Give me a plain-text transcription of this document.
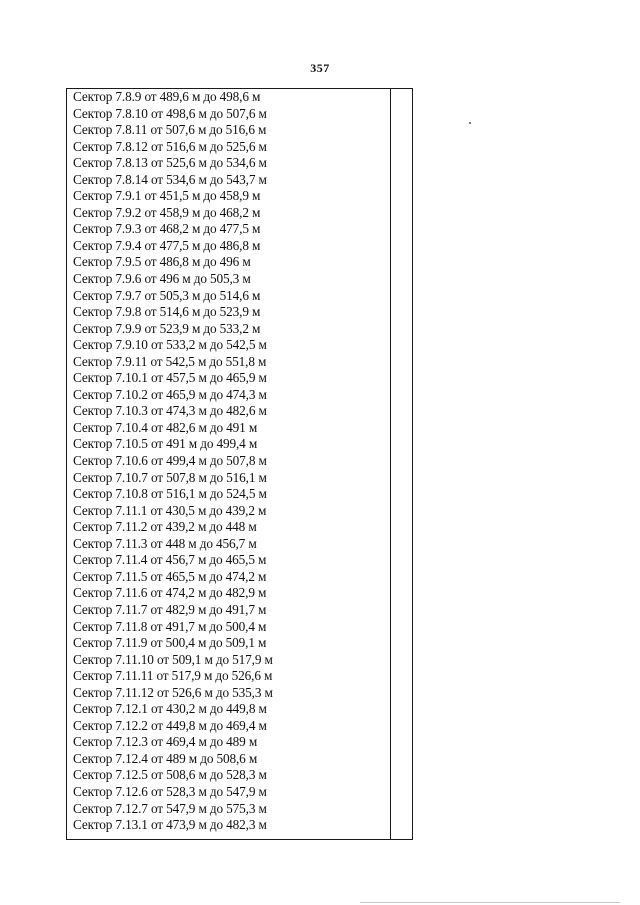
357
Сектор 7.8.9 от 489,6 м до 498,6 м
Сектор 7.8.10 от 498,6 м до 507,6 м
Сектор 7.8.11 от 507,6 м до 516,6 м
Сектор 7.8.12 от 516,6 м до 525,6 м
Сектор 7.8.13 от 525,6 м до 534,6 м
Сектор 7.8.14 от 534,6 м до 543,7 м
Сектор 7.9.1 от 451,5 м до 458,9 м
Сектор 7.9.2 от 458,9 м до 468,2 м
Сектор 7.9.3 от 468,2 м до 477,5 м
Сектор 7.9.4 от 477,5 м до 486,8 м
Сектор 7.9.5 от 486,8 м до 496 м
Сектор 7.9.6 от 496 м до 505,3 м
Сектор 7.9.7 от 505,3 м до 514,6 м
Сектор 7.9.8 от 514,6 м до 523,9 м
Сектор 7.9.9 от 523,9 м до 533,2 м
Сектор 7.9.10 от 533,2 м до 542,5 м
Сектор 7.9.11 от 542,5 м до 551,8 м
Сектор 7.10.1 от 457,5 м до 465,9 м
Сектор 7.10.2 от 465,9 м до 474,3 м
Сектор 7.10.3 от 474,3 м до 482,6 м
Сектор 7.10.4 от 482,6 м до 491 м
Сектор 7.10.5 от 491 м до 499,4 м
Сектор 7.10.6 от 499,4 м до 507,8 м
Сектор 7.10.7 от 507,8 м до 516,1 м
Сектор 7.10.8 от 516,1 м до 524,5 м
Сектор 7.11.1 от 430,5 м до 439,2 м
Сектор 7.11.2 от 439,2 м до 448 м
Сектор 7.11.3 от 448 м до 456,7 м
Сектор 7.11.4 от 456,7 м до 465,5 м
Сектор 7.11.5 от 465,5 м до 474,2 м
Сектор 7.11.6 от 474,2 м до 482,9 м
Сектор 7.11.7 от 482,9 м до 491,7 м
Сектор 7.11.8 от 491,7 м до 500,4 м
Сектор 7.11.9 от 500,4 м до 509,1 м
Сектор 7.11.10 от 509,1 м до 517,9 м
Сектор 7.11.11 от 517,9 м до 526,6 м
Сектор 7.11.12 от 526,6 м до 535,3 м
Сектор 7.12.1 от 430,2 м до 449,8 м
Сектор 7.12.2 от 449,8 м до 469,4 м
Сектор 7.12.3 от 469,4 м до 489 м
Сектор 7.12.4 от 489 м до 508,6 м
Сектор 7.12.5 от 508,6 м до 528,3 м
Сектор 7.12.6 от 528,3 м до 547,9 м
Сектор 7.12.7 от 547,9 м до 575,3 м
Сектор 7.13.1 от 473,9 м до 482,3 м
